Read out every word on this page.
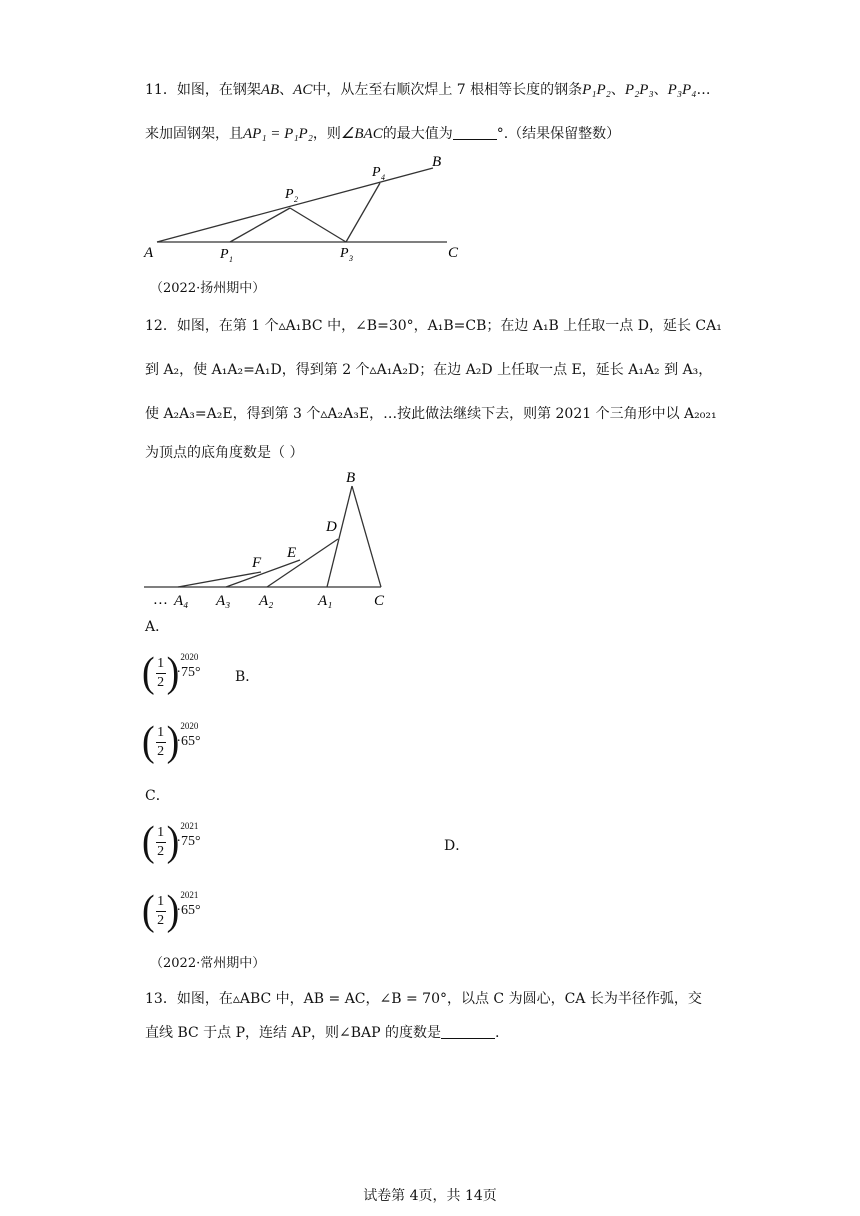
11．如图，在钢架AB、AC中，从左至右顺次焊上 7 根相等长度的钢条P₁P₂、P₂P₃、P₃P₄…
来加固钢架，且AP₁ = P₁P₂，则∠BAC的最大值为	°.（结果保留整数）
A
B
C
P 1
P 2
P 3
P 4
（2022·扬州期中）
12．如图，在第 1 个▵A₁BC 中，∠B=30°，A₁B=CB；在边 A₁B 上任取一点 D，延长 CA₁
到 A₂，使 A₁A₂=A₁D，得到第 2 个▵A₁A₂D；在边 A₂D 上任取一点 E，延长 A₁A₂ 到 A₃，
使 A₂A₃=A₂E，得到第 3 个▵A₂A₃E，…按此做法继续下去，则第 2021 个三角形中以 A₂₀₂₁
为顶点的底角度数是（ ）
B
D
E
F
… A₄ A₃ A₂	A₁	C
A．
( 1
2 ) 2020
·75° B．
( 1
2 ) 2020
·65°
C．
( 1
2 ) 2021
·75°	D．
( 1
2 ) 2021
·65°
（2022·常州期中）
13．如图，在▵ABC 中，AB = AC，∠B = 70°，以点 C 为圆心，CA 长为半径作弧，交
直线 BC 于点 P，连结 AP，则∠BAP 的度数是	.
试卷第 4页，共 14页
